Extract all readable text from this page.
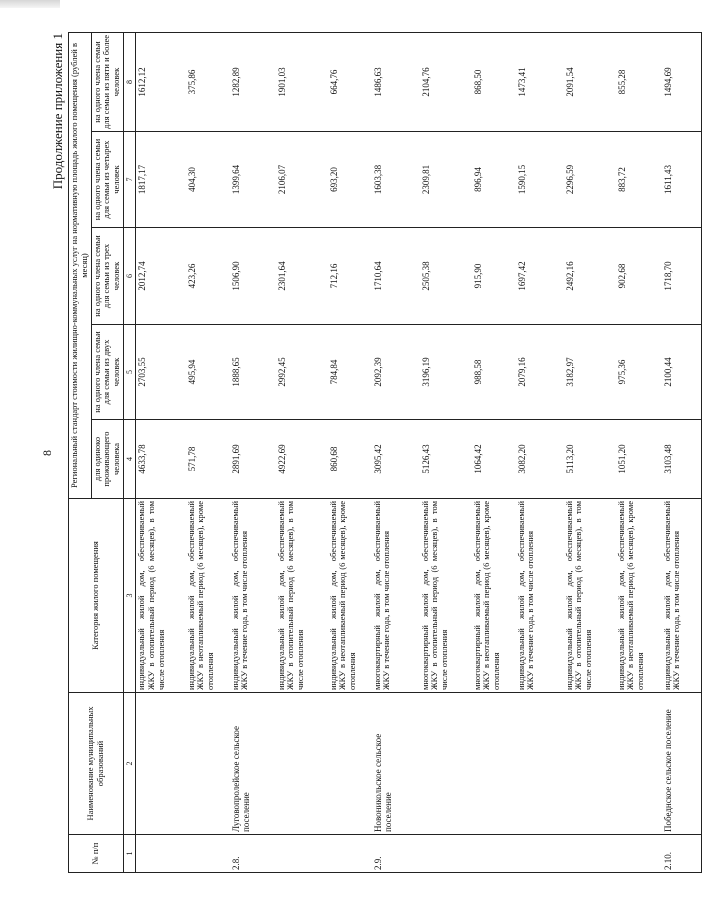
8
Продолжение приложения 1
№ п/п	Наименование муниципальных образований	Категория жилого помещения	Региональный стандарт стоимости жилищно-коммунальных услуг на нормативную площадь жилого помещения (рублей в месяц)				
			для одиноко проживающего человека	на одного члена семьи для семьи из двух человек	на одного члена семьи для семьи из трех человек	на одного члена семьи для семьи из четырех человек	на одного члена семьи для семьи из пяти и более человек
1	2	3	4	5	6	7	8
		индивидуальный жилой дом, обеспечиваемый ЖКУ в отопительный период (6 месяцев), в том числе отопления	4633,78	2703,55	2012,74	1817,17	1612,12
		индивидуальный жилой дом, обеспечиваемый ЖКУ в неотапливаемый период (6 месяцев), кроме отопления	571,78	495,94	423,26	404,30	375,86
2.8.	Луговопролейское сельское поселение	индивидуальный жилой дом, обеспечиваемый ЖКУ в течение года, в том числе отопления	2891,69	1888,65	1506,90	1399,64	1282,89
		индивидуальный жилой дом, обеспечиваемый ЖКУ в отопительный период (6 месяцев), в том числе отопления	4922,69	2992,45	2301,64	2106,07	1901,03
		индивидуальный жилой дом, обеспечиваемый ЖКУ в неотапливаемый период (6 месяцев), кроме отопления	860,68	784,84	712,16	693,20	664,76
2.9.	Новоникольское сельское поселение	многоквартирный жилой дом, обеспечиваемый ЖКУ в течение года, в том числе отопления	3095,42	2092,39	1710,64	1603,38	1486,63
		многоквартирный жилой дом, обеспечиваемый ЖКУ в отопительный период (6 месяцев), в том числе отопления	5126,43	3196,19	2505,38	2309,81	2104,76
		многоквартирный жилой дом, обеспечиваемый ЖКУ в неотапливаемый период (6 месяцев), кроме отопления	1064,42	988,58	915,90	896,94	868,50
		индивидуальный жилой дом, обеспечиваемый ЖКУ в течение года, в том числе отопления	3082,20	2079,16	1697,42	1590,15	1473,41
		индивидуальный жилой дом, обеспечиваемый ЖКУ в отопительный период (6 месяцев), в том числе отопления	5113,20	3182,97	2492,16	2296,59	2091,54
		индивидуальный жилой дом, обеспечиваемый ЖКУ в неотапливаемый период (6 месяцев), кроме отопления	1051,20	975,36	902,68	883,72	855,28
2.10.	Победнское сельское поселение	индивидуальный жилой дом, обеспечиваемый ЖКУ в течение года, в том числе отопления	3103,48	2100,44	1718,70	1611,43	1494,69
